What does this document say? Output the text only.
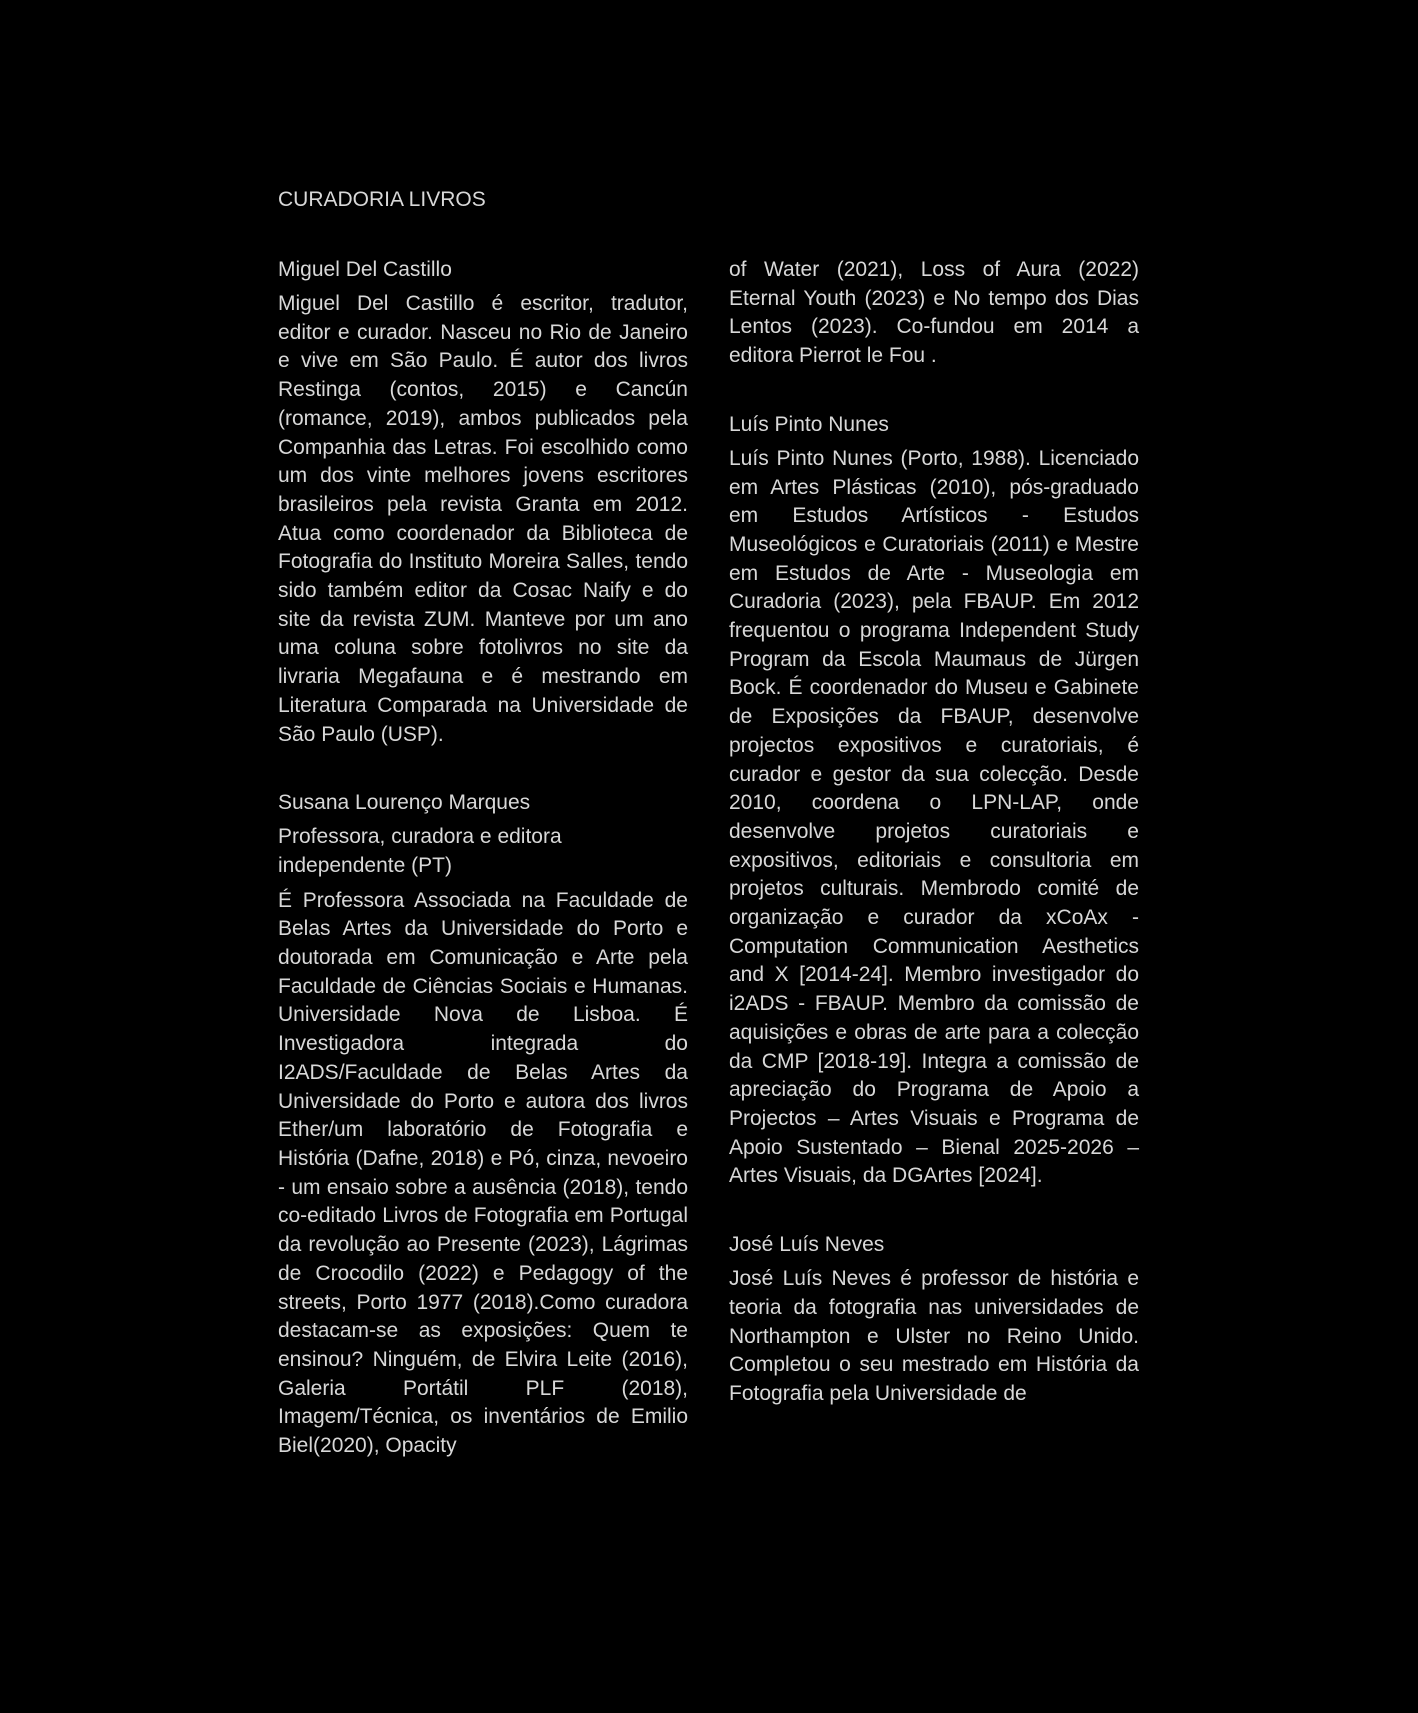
CURADORIA LIVROS

Miguel Del Castillo

Miguel Del Castillo é escritor, tradutor, editor e curador. Nasceu no Rio de Janeiro e vive em São Paulo. É autor dos livros Restinga (contos, 2015) e Cancún (romance, 2019), ambos publicados pela Companhia das Letras. Foi escolhido como um dos vinte melhores jovens escritores brasileiros pela revista Granta em 2012. Atua como coordenador da Biblioteca de Fotografia do Instituto Moreira Salles, tendo sido também editor da Cosac Naify e do site da revista ZUM. Manteve por um ano uma coluna sobre fotolivros no site da livraria Megafauna e é mestrando em Literatura Comparada na Universidade de São Paulo (USP).

Susana Lourenço Marques

Professora, curadora e editora independente (PT)

É Professora Associada na Faculdade de Belas Artes da Universidade do Porto e doutorada em Comunicação e Arte pela Faculdade de Ciências Sociais e Humanas. Universidade Nova de Lisboa. É Investigadora integrada do I2ADS/Faculdade de Belas Artes da Universidade do Porto e autora dos livros Ether/um laboratório de Fotografia e História (Dafne, 2018) e Pó, cinza, nevoeiro - um ensaio sobre a ausência (2018), tendo co-editado Livros de Fotografia em Portugal da revolução ao Presente (2023), Lágrimas de Crocodilo (2022) e Pedagogy of the streets, Porto 1977 (2018).Como curadora destacam-se as exposições: Quem te ensinou? Ninguém, de Elvira Leite (2016), Galeria Portátil PLF (2018), Imagem/Técnica, os inventários de Emilio Biel(2020), Opacity

of Water (2021), Loss of Aura (2022) Eternal Youth (2023) e No tempo dos Dias Lentos (2023). Co-fundou em 2014 a editora Pierrot le Fou .

Luís Pinto Nunes

Luís Pinto Nunes (Porto, 1988). Licenciado em Artes Plásticas (2010), pós-graduado em Estudos Artísticos - Estudos Museológicos e Curatoriais (2011) e Mestre em Estudos de Arte - Museologia em Curadoria (2023), pela FBAUP. Em 2012 frequentou o programa Independent Study Program da Escola Maumaus de Jürgen Bock. É coordenador do Museu e Gabinete de Exposições da FBAUP, desenvolve projectos expositivos e curatoriais, é curador e gestor da sua colecção. Desde 2010, coordena o LPN-LAP, onde desenvolve projetos curatoriais e expositivos, editoriais e consultoria em projetos culturais. Membrodo comité de organização e curador da xCoAx - Computation Communication Aesthetics and X [2014-24]. Membro investigador do i2ADS - FBAUP. Membro da comissão de aquisições e obras de arte para a colecção da CMP [2018-19]. Integra a comissão de apreciação do Programa de Apoio a Projectos – Artes Visuais e Programa de Apoio Sustentado – Bienal 2025-2026 – Artes Visuais, da DGArtes [2024].

José Luís Neves

José Luís Neves é professor de história e teoria da fotografia nas universidades de Northampton e Ulster no Reino Unido. Completou o seu mestrado em História da Fotografia pela Universidade de
